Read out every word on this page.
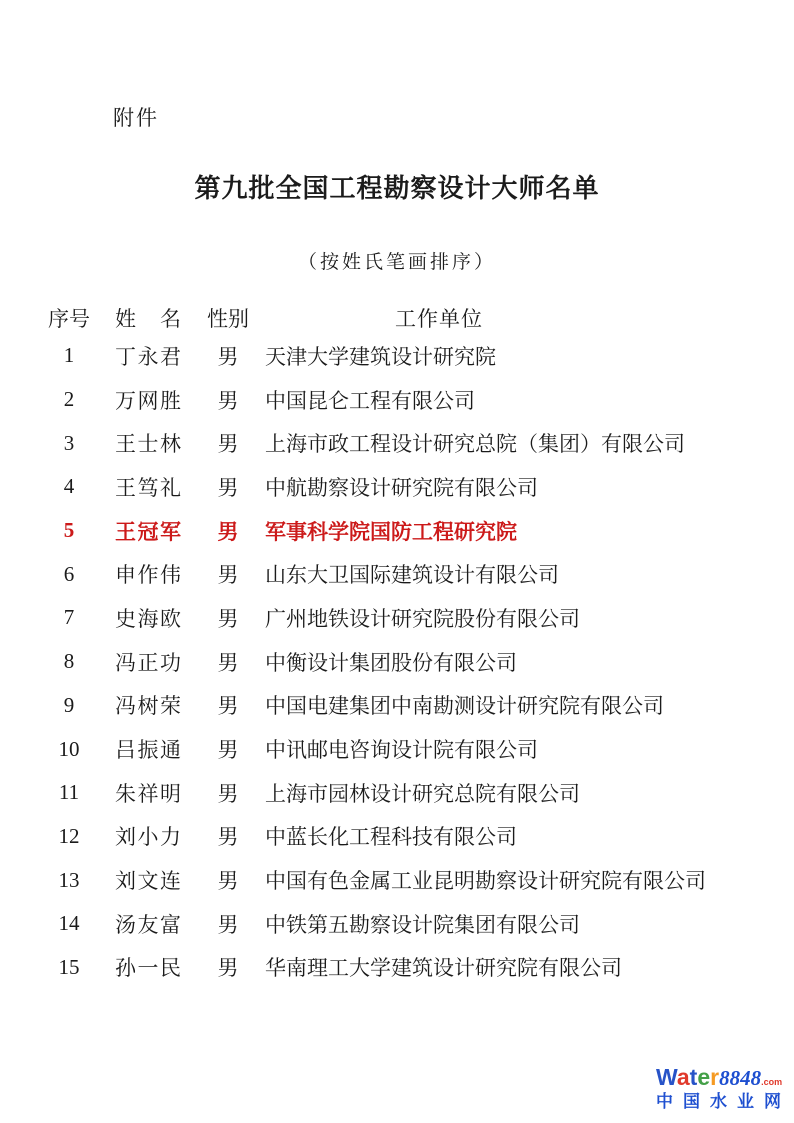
附件
第九批全国工程勘察设计大师名单
（按姓氏笔画排序）
序号 姓　名	性别	工作单位
1	丁永君	男	天津大学建筑设计研究院
2	万网胜	男	中国昆仑工程有限公司
3	王士林	男	上海市政工程设计研究总院（集团）有限公司
4	王笃礼	男	中航勘察设计研究院有限公司
5	王冠军	男	军事科学院国防工程研究院
6	申作伟	男	山东大卫国际建筑设计有限公司
7	史海欧	男	广州地铁设计研究院股份有限公司
8	冯正功	男	中衡设计集团股份有限公司
9	冯树荣	男	中国电建集团中南勘测设计研究院有限公司
10	吕振通	男	中讯邮电咨询设计院有限公司
11	朱祥明	男	上海市园林设计研究总院有限公司
12	刘小力	男	中蓝长化工程科技有限公司
13	刘文连	男	中国有色金属工业昆明勘察设计研究院有限公司
14	汤友富	男	中铁第五勘察设计院集团有限公司
15	孙一民	男	华南理工大学建筑设计研究院有限公司
Water8848.com
中国水业网
